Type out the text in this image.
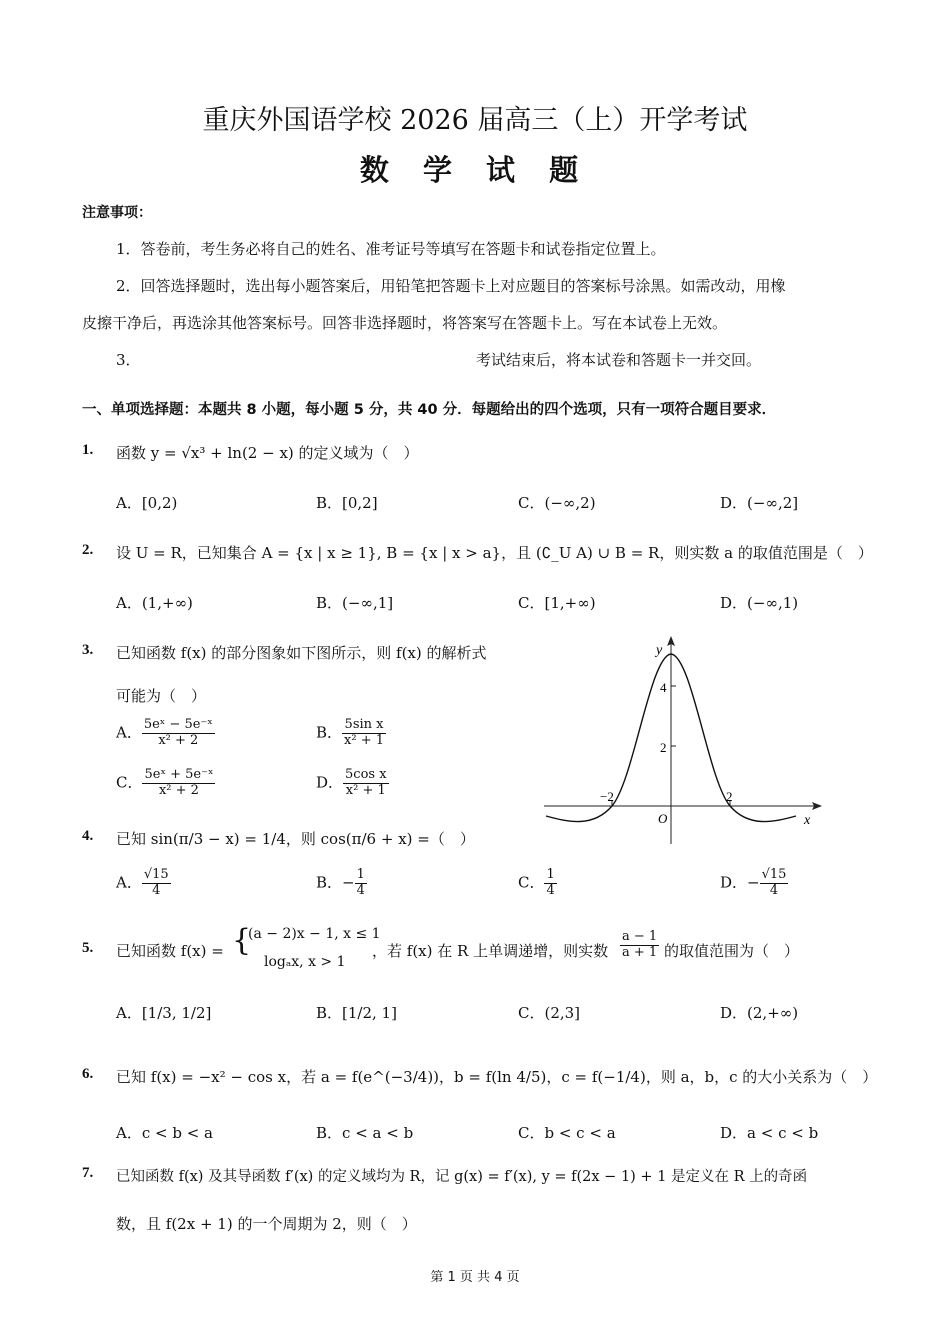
重庆外国语学校 2026 届高三（上）开学考试
数 学 试 题
注意事项：
1．答卷前，考生务必将自己的姓名、准考证号等填写在答题卡和试卷指定位置上。
2．回答选择题时，选出每小题答案后，用铅笔把答题卡上对应题目的答案标号涂黑。如需改动，用橡
皮擦干净后，再选涂其他答案标号。回答非选择题时，将答案写在答题卡上。写在本试卷上无效。
3．	考试结束后，将本试卷和答题卡一并交回。
一、单项选择题：本题共 8 小题，每小题 5 分，共 40 分．每题给出的四个选项，只有一项符合题目要求．
1. 函数 y = √x³ + ln(2 − x) 的定义域为（　）
A．[0,2)	B．[0,2]	C．(−∞,2)	D．(−∞,2]
2. 设 U = R，已知集合 A = {x | x ≥ 1}, B = {x | x > a}，且 (∁_U A) ∪ B = R，则实数 a 的取值范围是（　）
A．(1,+∞)	B．(−∞,1]	C．[1,+∞)	D．(−∞,1)
3. 已知函数 f(x) 的部分图象如下图所示，则 f(x) 的解析式
可能为（　）
A． $\frac{\text{5eˣ − 5e⁻ˣ}}{\text{x² + 2}}$	B． $\frac{\text{5sin x}}{\text{x² + 1}}$
C． $\frac{\text{5eˣ + 5e⁻ˣ}}{\text{x² + 2}}$	D． $\frac{\text{5cos x}}{\text{x² + 1}}$
y
x
O
4
2
−2	2
4. 已知 sin(π/3 − x) = 1/4，则 cos(π/6 + x) =（　）
A． $\frac{√15}{4}$	B．− $\frac{1}{4}$	C． $\frac{1}{4}$	D．− $\frac{√15}{4}$
5. 已知函数 f(x) = {
(a − 2)x − 1, x ≤ 1
logₐx, x > 1
，若 f(x) 在 R 上单调递增，则实数 $\frac{a - 1}{a + 1}$ 的取值范围为（　）
A．[1/3, 1/2]	B．[1/2, 1]	C．(2,3]	D．(2,+∞)
6. 已知 f(x) = −x² − cos x，若 a = f(e^(−3/4))，b = f(ln 4/5)，c = f(−1/4)，则 a，b，c 的大小关系为（　）
A．c < b < a	B．c < a < b	C．b < c < a	D．a < c < b
7. 已知函数 f(x) 及其导函数 f′(x) 的定义域均为 R，记 g(x) = f′(x), y = f(2x − 1) + 1 是定义在 R 上的奇函
数，且 f(2x + 1) 的一个周期为 2，则（　）
第 1 页 共 4 页
